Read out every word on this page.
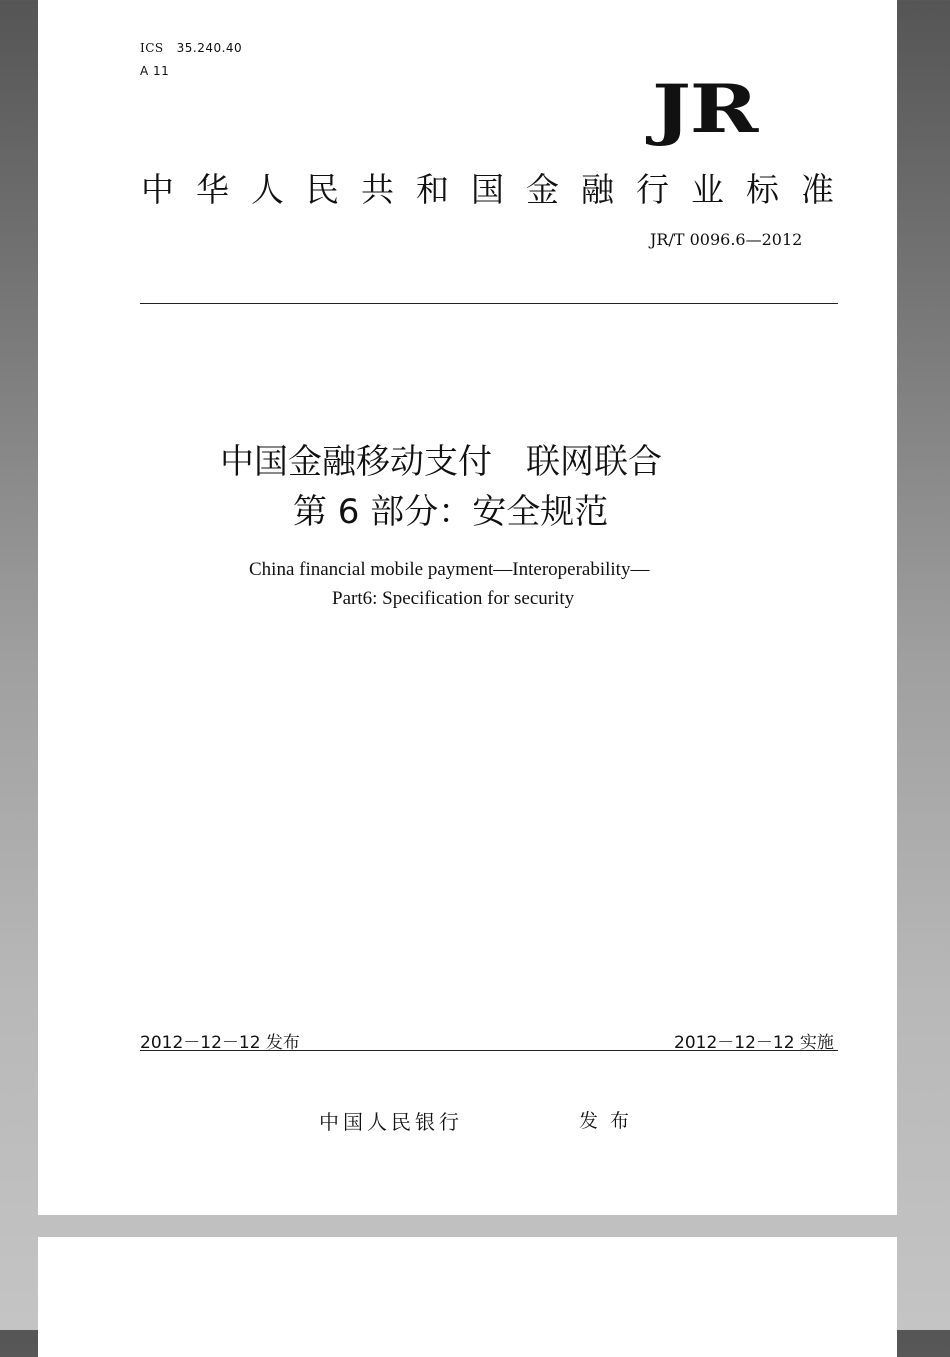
ICS 35.240.40
A 11	JR
中华人民共和国金融行业标准
JR/T 0096.6—2012
中国金融移动支付　联网联合
第 6 部分：安全规范
China financial mobile payment—Interoperability—
Part6: Specification for security
2012－12－12 发布	2012－12－12 实施
中国人民银行	发布
